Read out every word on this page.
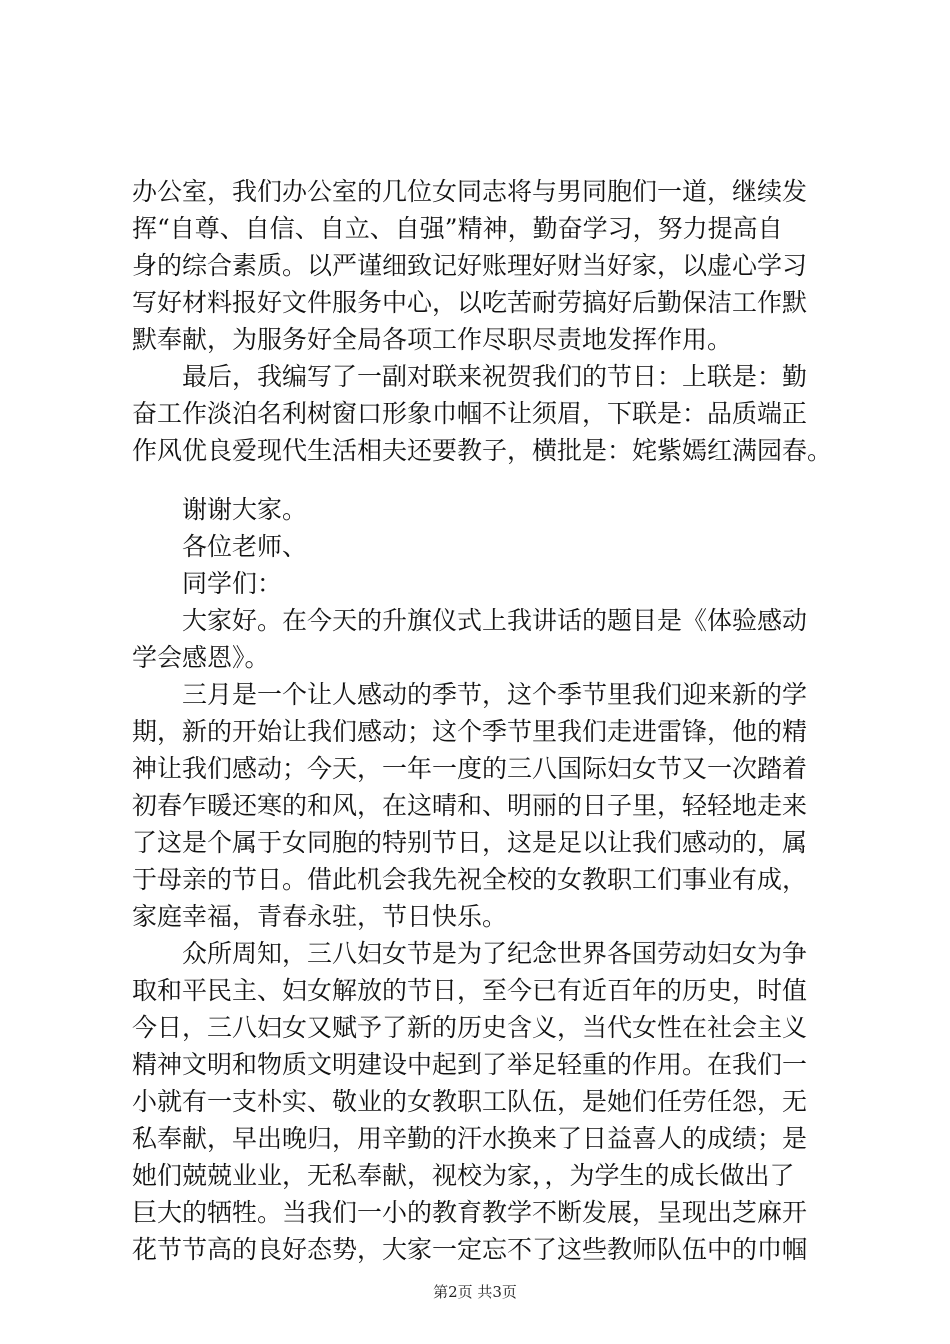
办公室，我们办公室的几位女同志将与男同胞们一道，继续发
挥“自尊、自信、自立、自强”精神，勤奋学习，努力提高自
身的综合素质。以严谨细致记好账理好财当好家，以虚心学习
写好材料报好文件服务中心，以吃苦耐劳搞好后勤保洁工作默
默奉献，为服务好全局各项工作尽职尽责地发挥作用。
最后，我编写了一副对联来祝贺我们的节日：上联是：勤
奋工作淡泊名利树窗口形象巾帼不让须眉，下联是：品质端正
作风优良爱现代生活相夫还要教子，横批是：姹紫嫣红满园春。
谢谢大家。
各位老师、
同学们：
大家好。在今天的升旗仪式上我讲话的题目是《体验感动
学会感恩》。
三月是一个让人感动的季节，这个季节里我们迎来新的学
期，新的开始让我们感动；这个季节里我们走进雷锋，他的精
神让我们感动；今天，一年一度的三八国际妇女节又一次踏着
初春乍暖还寒的和风，在这晴和、明丽的日子里，轻轻地走来
了这是个属于女同胞的特别节日，这是足以让我们感动的，属
于母亲的节日。借此机会我先祝全校的女教职工们事业有成，
家庭幸福，青春永驻，节日快乐。
众所周知，三八妇女节是为了纪念世界各国劳动妇女为争
取和平民主、妇女解放的节日，至今已有近百年的历史，时值
今日，三八妇女又赋予了新的历史含义，当代女性在社会主义
精神文明和物质文明建设中起到了举足轻重的作用。在我们一
小就有一支朴实、敬业的女教职工队伍，是她们任劳任怨，无
私奉献，早出晚归，用辛勤的汗水换来了日益喜人的成绩；是
她们兢兢业业，无私奉献，视校为家，，为学生的成长做出了
巨大的牺牲。当我们一小的教育教学不断发展，呈现出芝麻开
花节节高的良好态势，大家一定忘不了这些教师队伍中的巾帼
第2页 共3页
